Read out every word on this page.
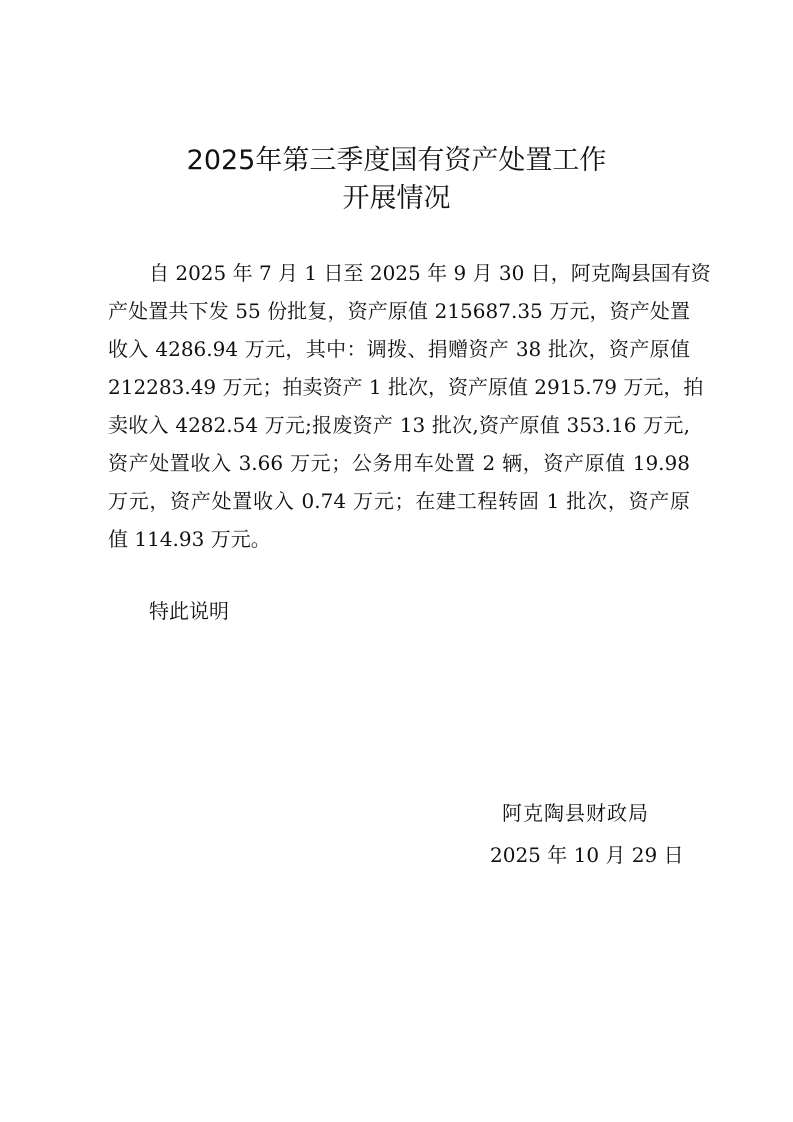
2025年第三季度国有资产处置工作
开展情况
自 2025 年 7 月 1 日至 2025 年 9 月 30 日，阿克陶县国有资
产处置共下发 55 份批复，资产原值 215687.35 万元，资产处置
收入 4286.94 万元，其中：调拨、捐赠资产 38 批次，资产原值
212283.49 万元；拍卖资产 1 批次，资产原值 2915.79 万元，拍
卖收入 4282.54 万元;报废资产 13 批次,资产原值 353.16 万元,
资产处置收入 3.66 万元；公务用车处置 2 辆，资产原值 19.98
万元，资产处置收入 0.74 万元；在建工程转固 1 批次，资产原
值 114.93 万元。
特此说明
阿克陶县财政局
2025 年 10 月 29 日
